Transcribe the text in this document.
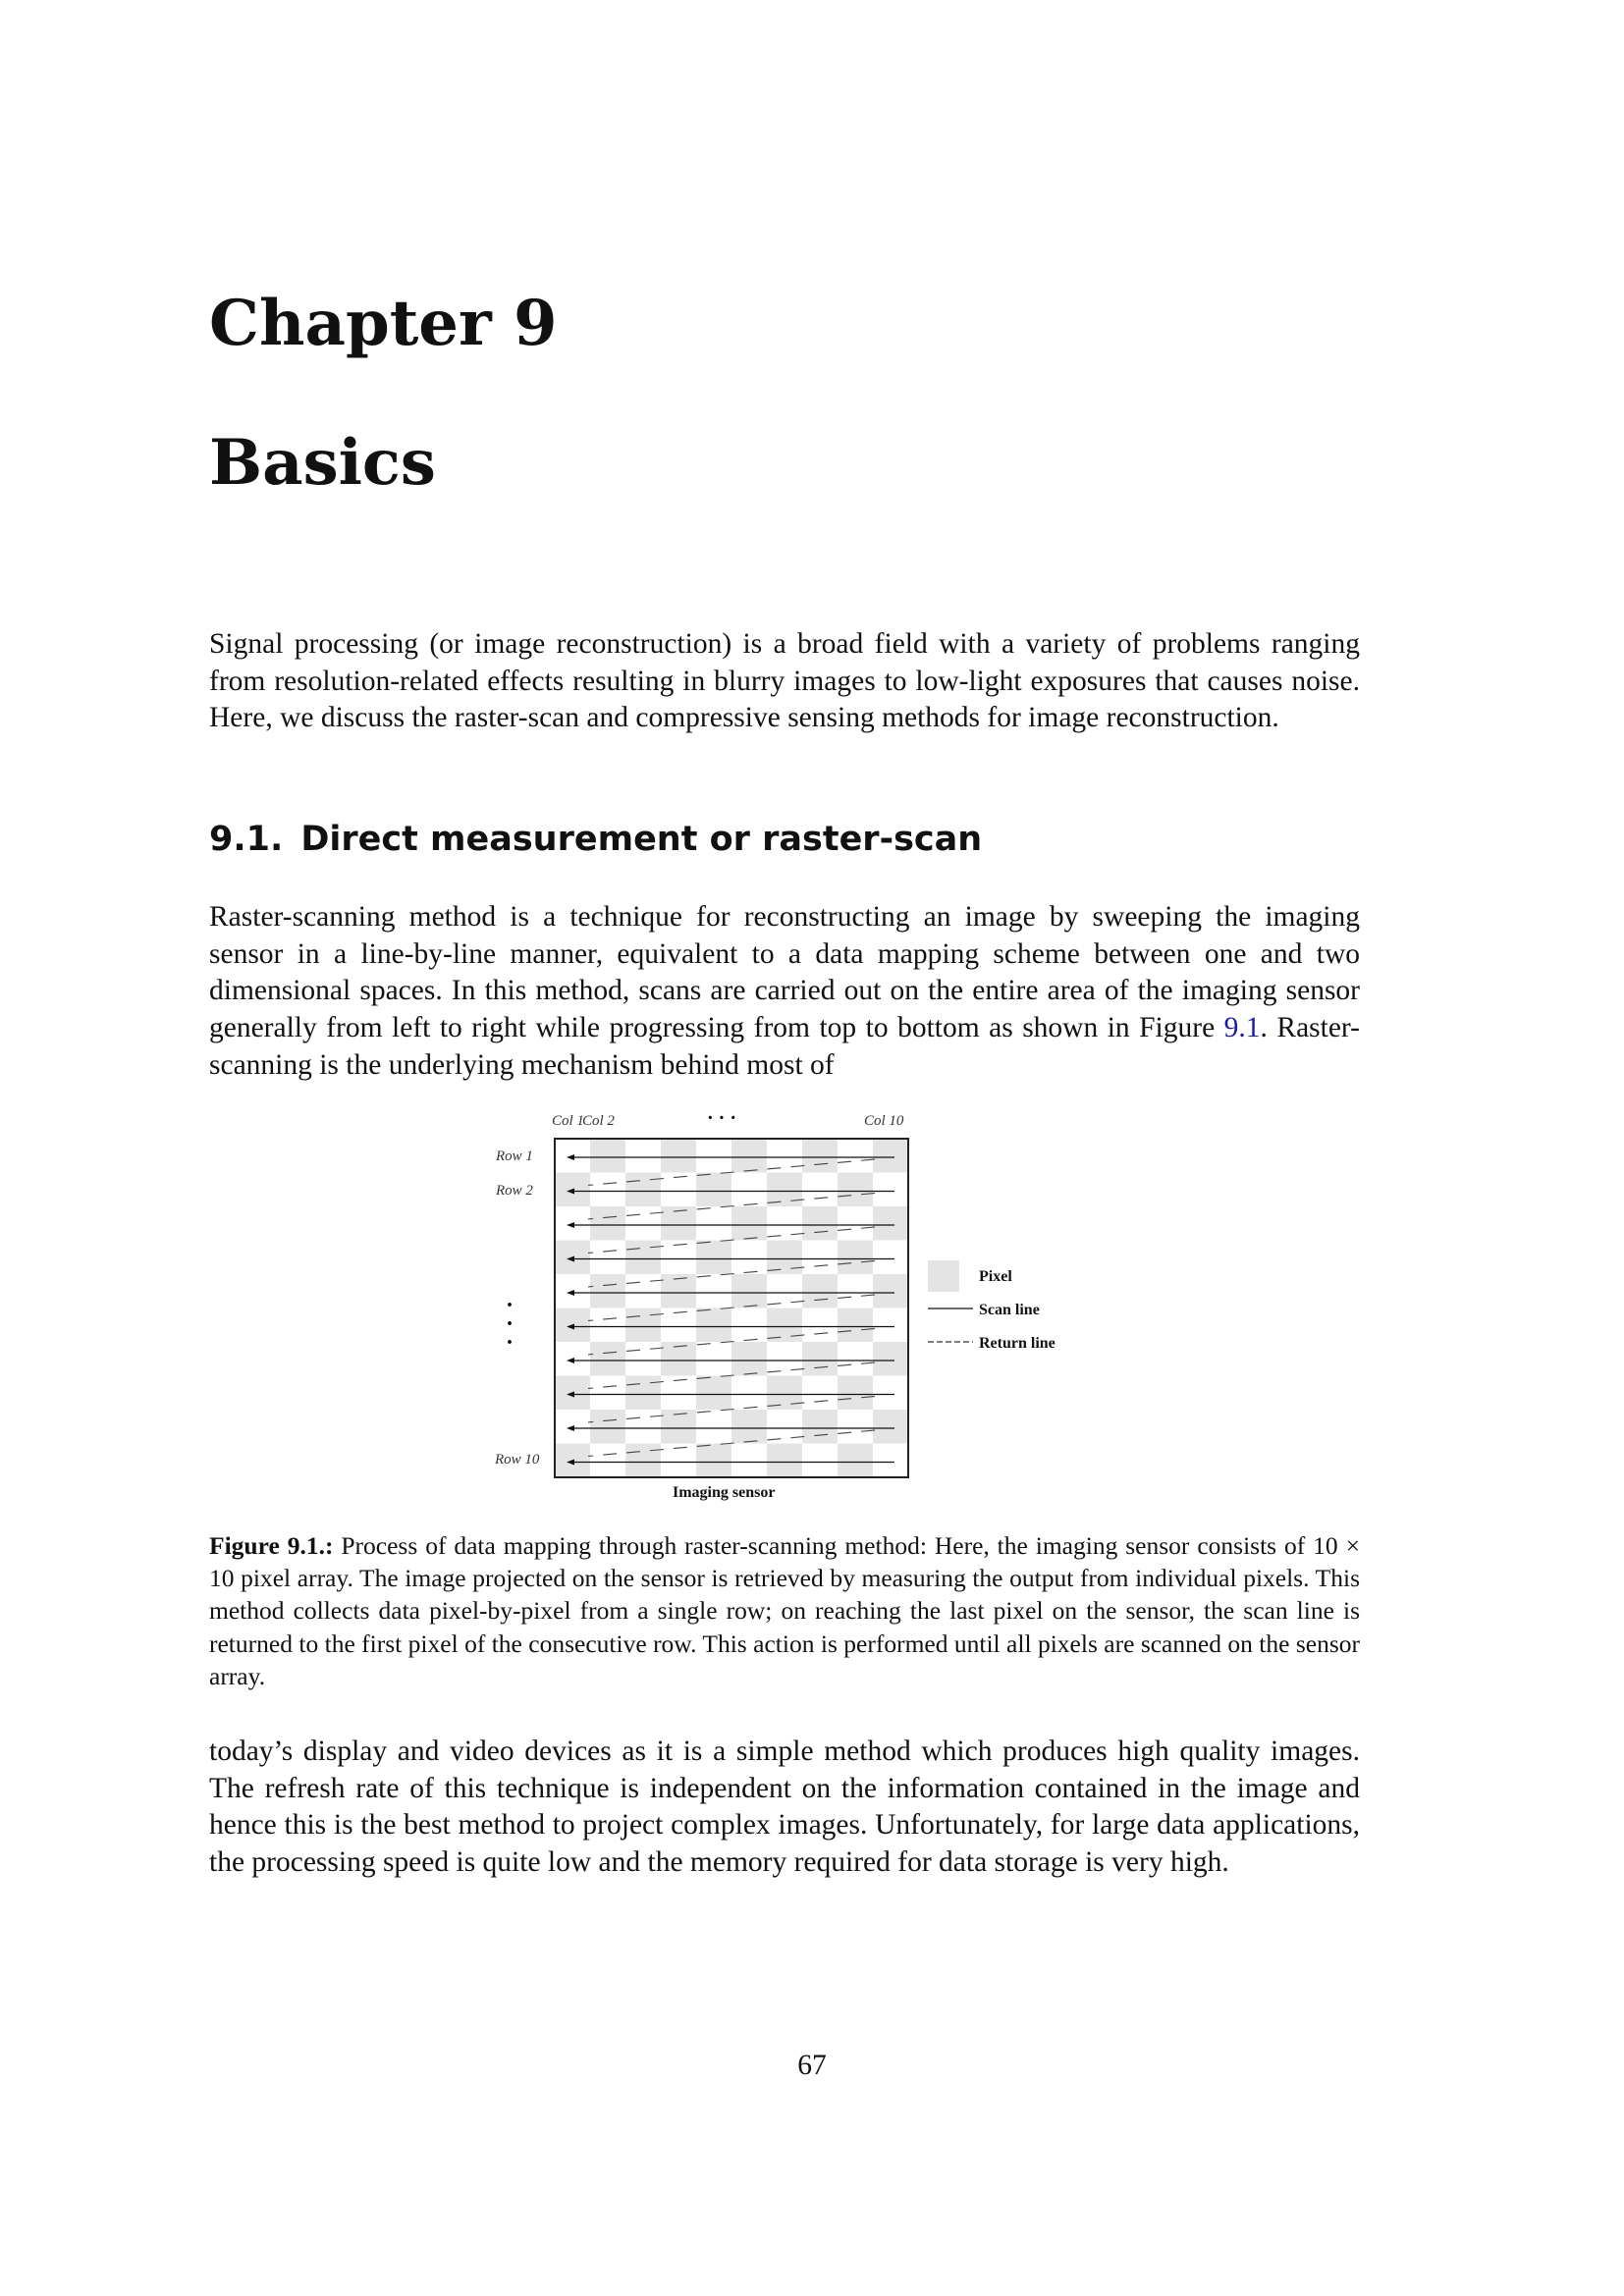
Chapter 9
Basics

Signal processing (or image reconstruction) is a broad field with a variety of problems ranging from resolution-related effects resulting in blurry images to low-light exposures that causes noise. Here, we discuss the raster-scan and compressive sensing methods for image reconstruction.

9.1. Direct measurement or raster-scan

Raster-scanning method is a technique for reconstructing an image by sweeping the imaging sensor in a line-by-line manner, equivalent to a data mapping scheme between one and two dimensional spaces. In this method, scans are carried out on the entire area of the imaging sensor generally from left to right while progressing from top to bottom as shown in Figure 9.1. Raster-scanning is the underlying mechanism behind most of

Col 1
Col 2	· · ·	Col 10
Row 1
Row 2
·
·
·
Row 10
Imaging sensor
Pixel
Scan line
Return line

Figure 9.1.: Process of data mapping through raster-scanning method: Here, the imaging sensor consists of 10 × 10 pixel array. The image projected on the sensor is retrieved by measuring the output from individual pixels. This method collects data pixel-by-pixel from a single row; on reaching the last pixel on the sensor, the scan line is returned to the first pixel of the consecutive row. This action is performed until all pixels are scanned on the sensor array.

today’s display and video devices as it is a simple method which produces high quality images. The refresh rate of this technique is independent on the information contained in the image and hence this is the best method to project complex images. Unfortunately, for large data applications, the processing speed is quite low and the memory required for data storage is very high.

67
